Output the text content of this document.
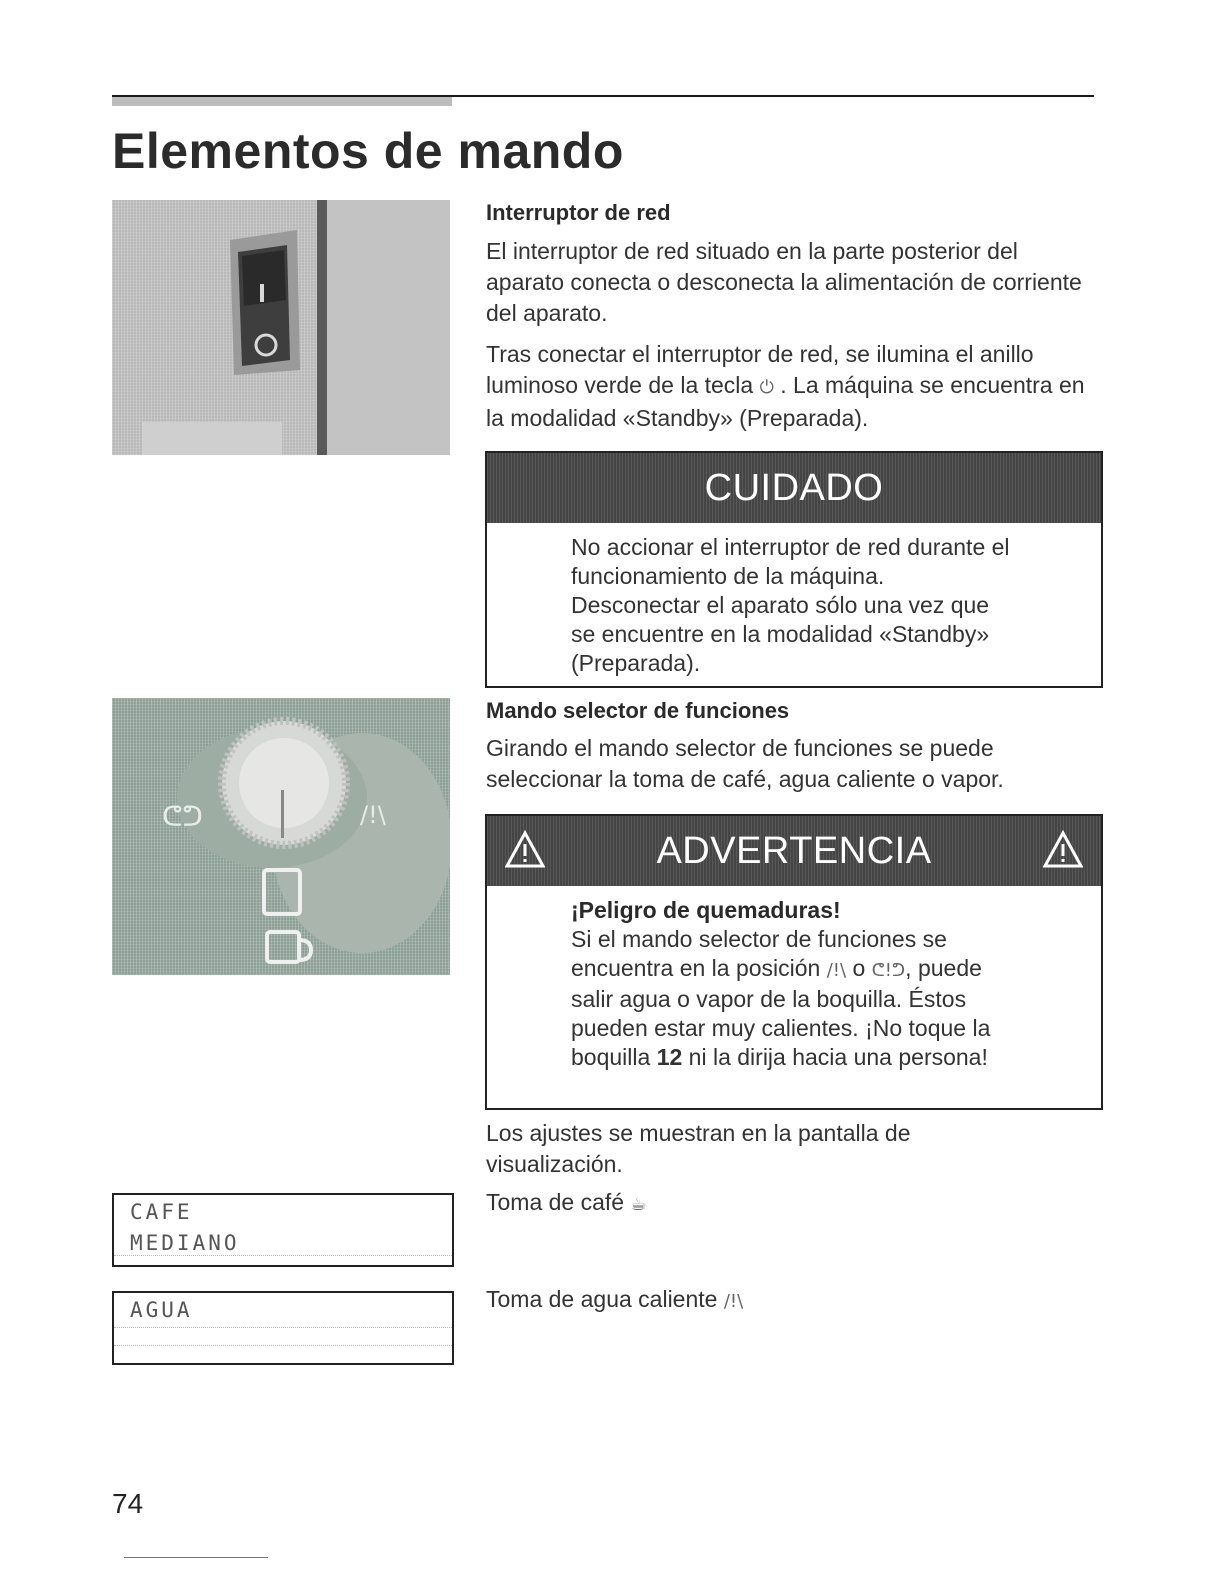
Elementos de mando
Interruptor de red

El interruptor de red situado en la parte posterior del aparato conecta o desconecta la alimentación de corriente del aparato.

Tras conectar el interruptor de red, se ilumina el anillo luminoso verde de la tecla ⏻ . La máquina se encuentra en la modalidad «Standby» (Preparada).

CUIDADO
No accionar el interruptor de red durante el funcionamiento de la máquina. Desconectar el aparato sólo una vez que se encuentre en la modalidad «Standby» (Preparada).
ᕦᕤ	/!\
Mando selector de funciones

Girando el mando selector de funciones se puede seleccionar la toma de café, agua caliente o vapor.

ADVERTENCIA
¡Peligro de quemaduras!
Si el mando selector de funciones se encuentra en la posición /!\ o ᕦ!ᕤ, puede salir agua o vapor de la boquilla. Éstos pueden estar muy calientes. ¡No toque la boquilla 12 ni la dirija hacia una persona!

Los ajustes se muestran en la pantalla de visualización.

Toma de café ☕

Toma de agua caliente /!\

CAFE
MEDIANO
AGUA

74
